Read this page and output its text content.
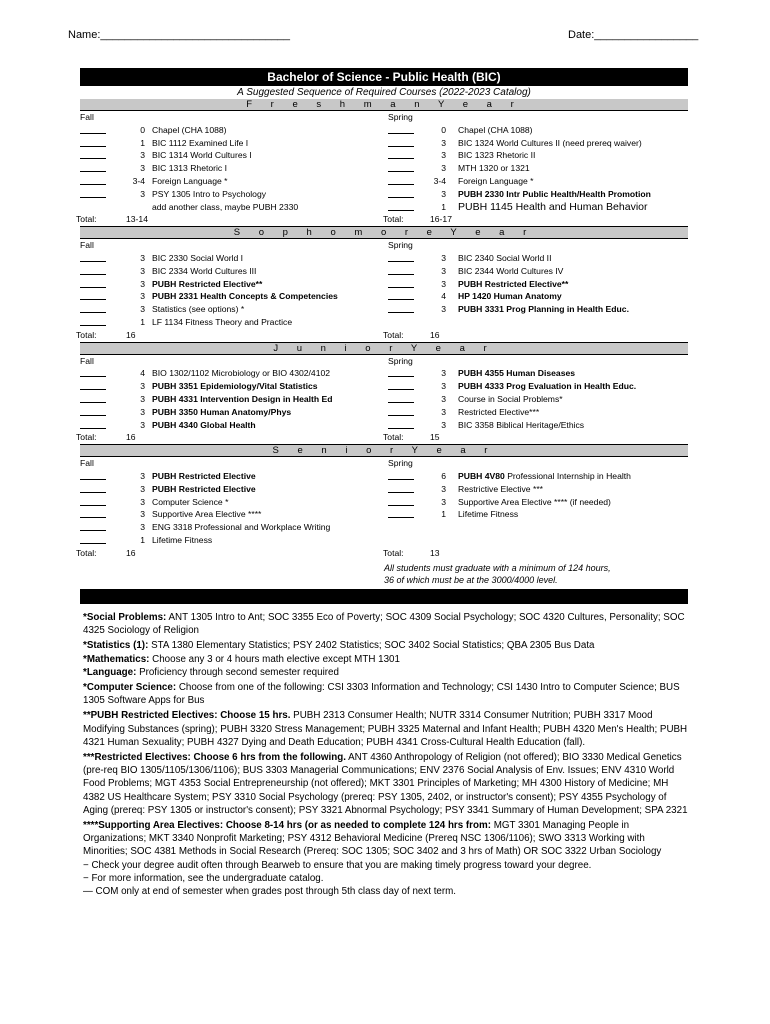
Name:_______________________________	Date:_________________
Bachelor of Science - Public Health (BIC)
A Suggested Sequence of Required Courses (2022-2023 Catalog)
F r e s h m a n Y e a r
Fall	Spring
0 Chapel (CHA 1088)	0 Chapel (CHA 1088)
1 BIC 1112 Examined Life I	3 BIC 1324 World Cultures II (need prereq waiver)
3 BIC 1314 World Cultures I	3 BIC 1323 Rhetoric II
3 BIC 1313 Rhetoric I	3 MTH 1320 or 1321
3-4 Foreign Language *	3-4 Foreign Language *
3 PSY 1305 Intro to Psychology	3 PUBH 2330 Intr Public Health/Health Promotion
add another class, maybe PUBH 2330	1 PUBH 1145 Health and Human Behavior
Total:	13-14	Total:	16-17
S o p h o m o r e Y e a r
Fall	Spring
3 BIC 2330 Social World I	3 BIC 2340 Social World II
3 BIC 2334 World Cultures III	3 BIC 2344 World Cultures IV
3 PUBH Restricted Elective**	3 PUBH Restricted Elective**
3 PUBH 2331 Health Concepts & Competencies	4 HP 1420 Human Anatomy
3 Statistics (see options) *	3 PUBH 3331 Prog Planning in Health Educ.
1 LF 1134 Fitness Theory and Practice
Total:	16	Total:	16
J u n i o r Y e a r
Fall	Spring
4 BIO 1302/1102 Microbiology or BIO 4302/4102	3 PUBH 4355 Human Diseases
3 PUBH 3351 Epidemiology/Vital Statistics	3 PUBH 4333 Prog Evaluation in Health Educ.
3 PUBH 4331 Intervention Design in Health Ed	3 Course in Social Problems*
3 PUBH 3350 Human Anatomy/Phys	3 Restricted Elective***
3 PUBH 4340 Global Health	3 BIC 3358 Biblical Heritage/Ethics
Total:	16	Total:	15
S e n i o r Y e a r
Fall	Spring
3 PUBH Restricted Elective	6 PUBH 4V80 Professional Internship in Health
3 PUBH Restricted Elective	3 Restrictive Elective ***
3 Computer Science *	3 Supportive Area Elective **** (if needed)
3 Supportive Area Elective ****	1 Lifetime Fitness
3 ENG 3318 Professional and Workplace Writing
1 Lifetime Fitness
Total:	16	Total:	13
All students must graduate with a minimum of 124 hours,
36 of which must be at the 3000/4000 level.

*Social Problems: ANT 1305 Intro to Ant; SOC 3355 Eco of Poverty; SOC 4309 Social Psychology; SOC 4320 Cultures, Personality; SOC 4325 Sociology of Religion

*Statistics (1): STA 1380 Elementary Statistics; PSY 2402 Statistics; SOC 3402 Social Statistics; QBA 2305 Bus Data

*Mathematics: Choose any 3 or 4 hours math elective except MTH 1301

*Language: Proficiency through second semester required

*Computer Science: Choose from one of the following: CSI 3303 Information and Technology; CSI 1430 Intro to Computer Science; BUS 1305 Software Apps for Bus

**PUBH Restricted Electives: Choose 15 hrs. PUBH 2313 Consumer Health; NUTR 3314 Consumer Nutrition; PUBH 3317 Mood Modifying Substances (spring); PUBH 3320 Stress Management; PUBH 3325 Maternal and Infant Health; PUBH 4320 Men's Health; PUBH 4321 Human Sexuality; PUBH 4327 Dying and Death Education; PUBH 4341 Cross-Cultural Health Education (fall).

***Restricted Electives: Choose 6 hrs from the following. ANT 4360 Anthropology of Religion (not offered); BIO 3330 Medical Genetics (pre-req BIO 1305/1105/1306/1106); BUS 3303 Managerial Communications; ENV 2376 Social Analysis of Env. Issues; ENV 4310 World Food Problems; MGT 4353 Social Entrepreneurship (not offered); MKT 3301 Principles of Marketing; MH 4300 History of Medicine; MH 4382 US Healthcare System; PSY 3310 Social Psychology (prereq: PSY 1305, 2402, or instructor's consent); PSY 4355 Psychology of Aging (prereq: PSY 1305 or instructor's consent); PSY 3321 Abnormal Psychology; PSY 3341 Summary of Human Development; SPA 2321

****Supporting Area Electives: Choose 8-14 hrs (or as needed to complete 124 hrs from: MGT 3301 Managing People in Organizations; MKT 3340 Nonprofit Marketing; PSY 4312 Behavioral Medicine (Prereq NSC 1306/1106); SWO 3313 Working with Minorities; SOC 4381 Methods in Social Research (Prereq: SOC 1305; SOC 3402 and 3 hrs of Math) OR SOC 3322 Urban Sociology

− Check your degree audit often through Bearweb to ensure that you are making timely progress toward your degree.

− For more information, see the undergraduate catalog.

— COM only at end of semester when grades post through 5th class day of next term.
